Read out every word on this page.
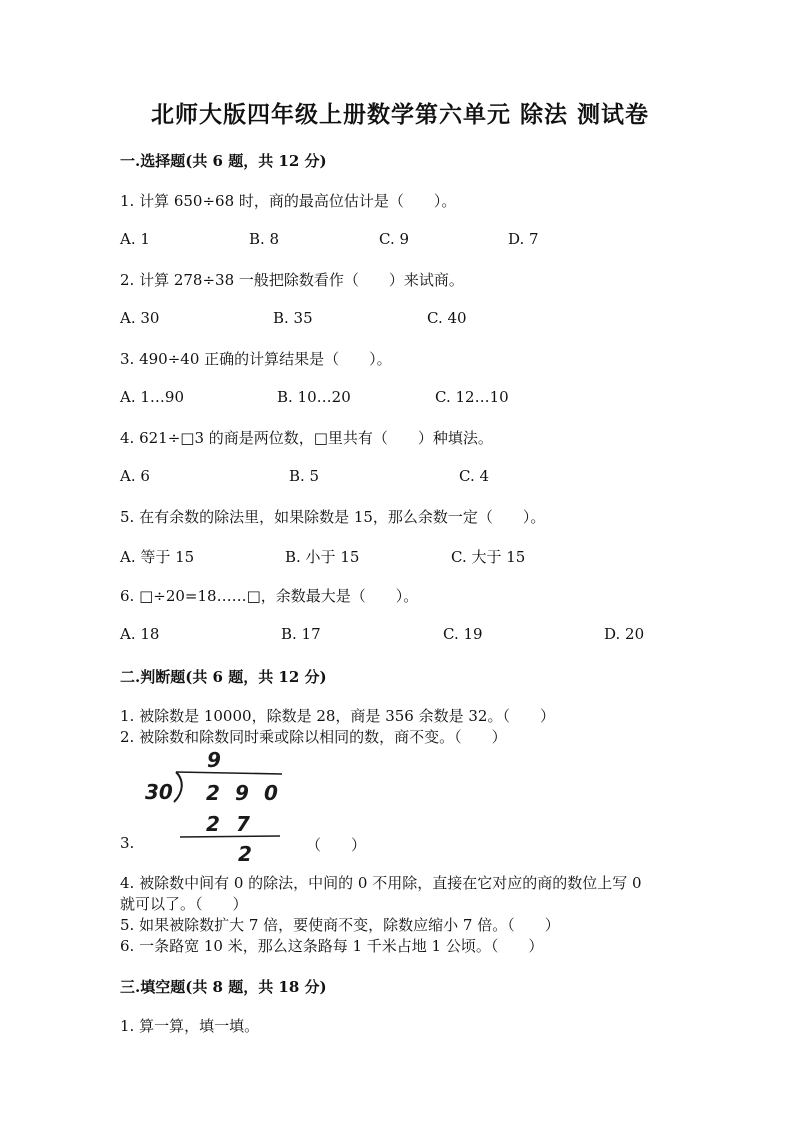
北师大版四年级上册数学第六单元 除法 测试卷
一.选择题(共 6 题，共 12 分)
1. 计算 650÷68 时，商的最高位估计是（　　）。
A. 1	B. 8	C. 9	D. 7
2. 计算 278÷38 一般把除数看作（　　）来试商。
A. 30	B. 35	C. 40
3. 490÷40 正确的计算结果是（　　）。
A. 1…90	B. 10…20	C. 12…10
4. 621÷□3 的商是两位数，□里共有（　　）种填法。
A. 6	B. 5	C. 4
5. 在有余数的除法里，如果除数是 15，那么余数一定（　　）。
A. 等于 15	B. 小于 15	C. 大于 15
6. □÷20=18……□，余数最大是（　　）。
A. 18	B. 17	C. 19	D. 20
二.判断题(共 6 题，共 12 分)
1. 被除数是 10000，除数是 28，商是 356 余数是 32。（　　）
2. 被除数和除数同时乘或除以相同的数，商不变。（　　）
9
30 2 9 0
2 7
2
3.	（　　）
4. 被除数中间有 0 的除法，中间的 0 不用除，直接在它对应的商的数位上写 0
就可以了。（　　）
5. 如果被除数扩大 7 倍，要使商不变，除数应缩小 7 倍。（　　）
6. 一条路宽 10 米，那么这条路每 1 千米占地 1 公顷。（　　）
三.填空题(共 8 题，共 18 分)
1. 算一算，填一填。
